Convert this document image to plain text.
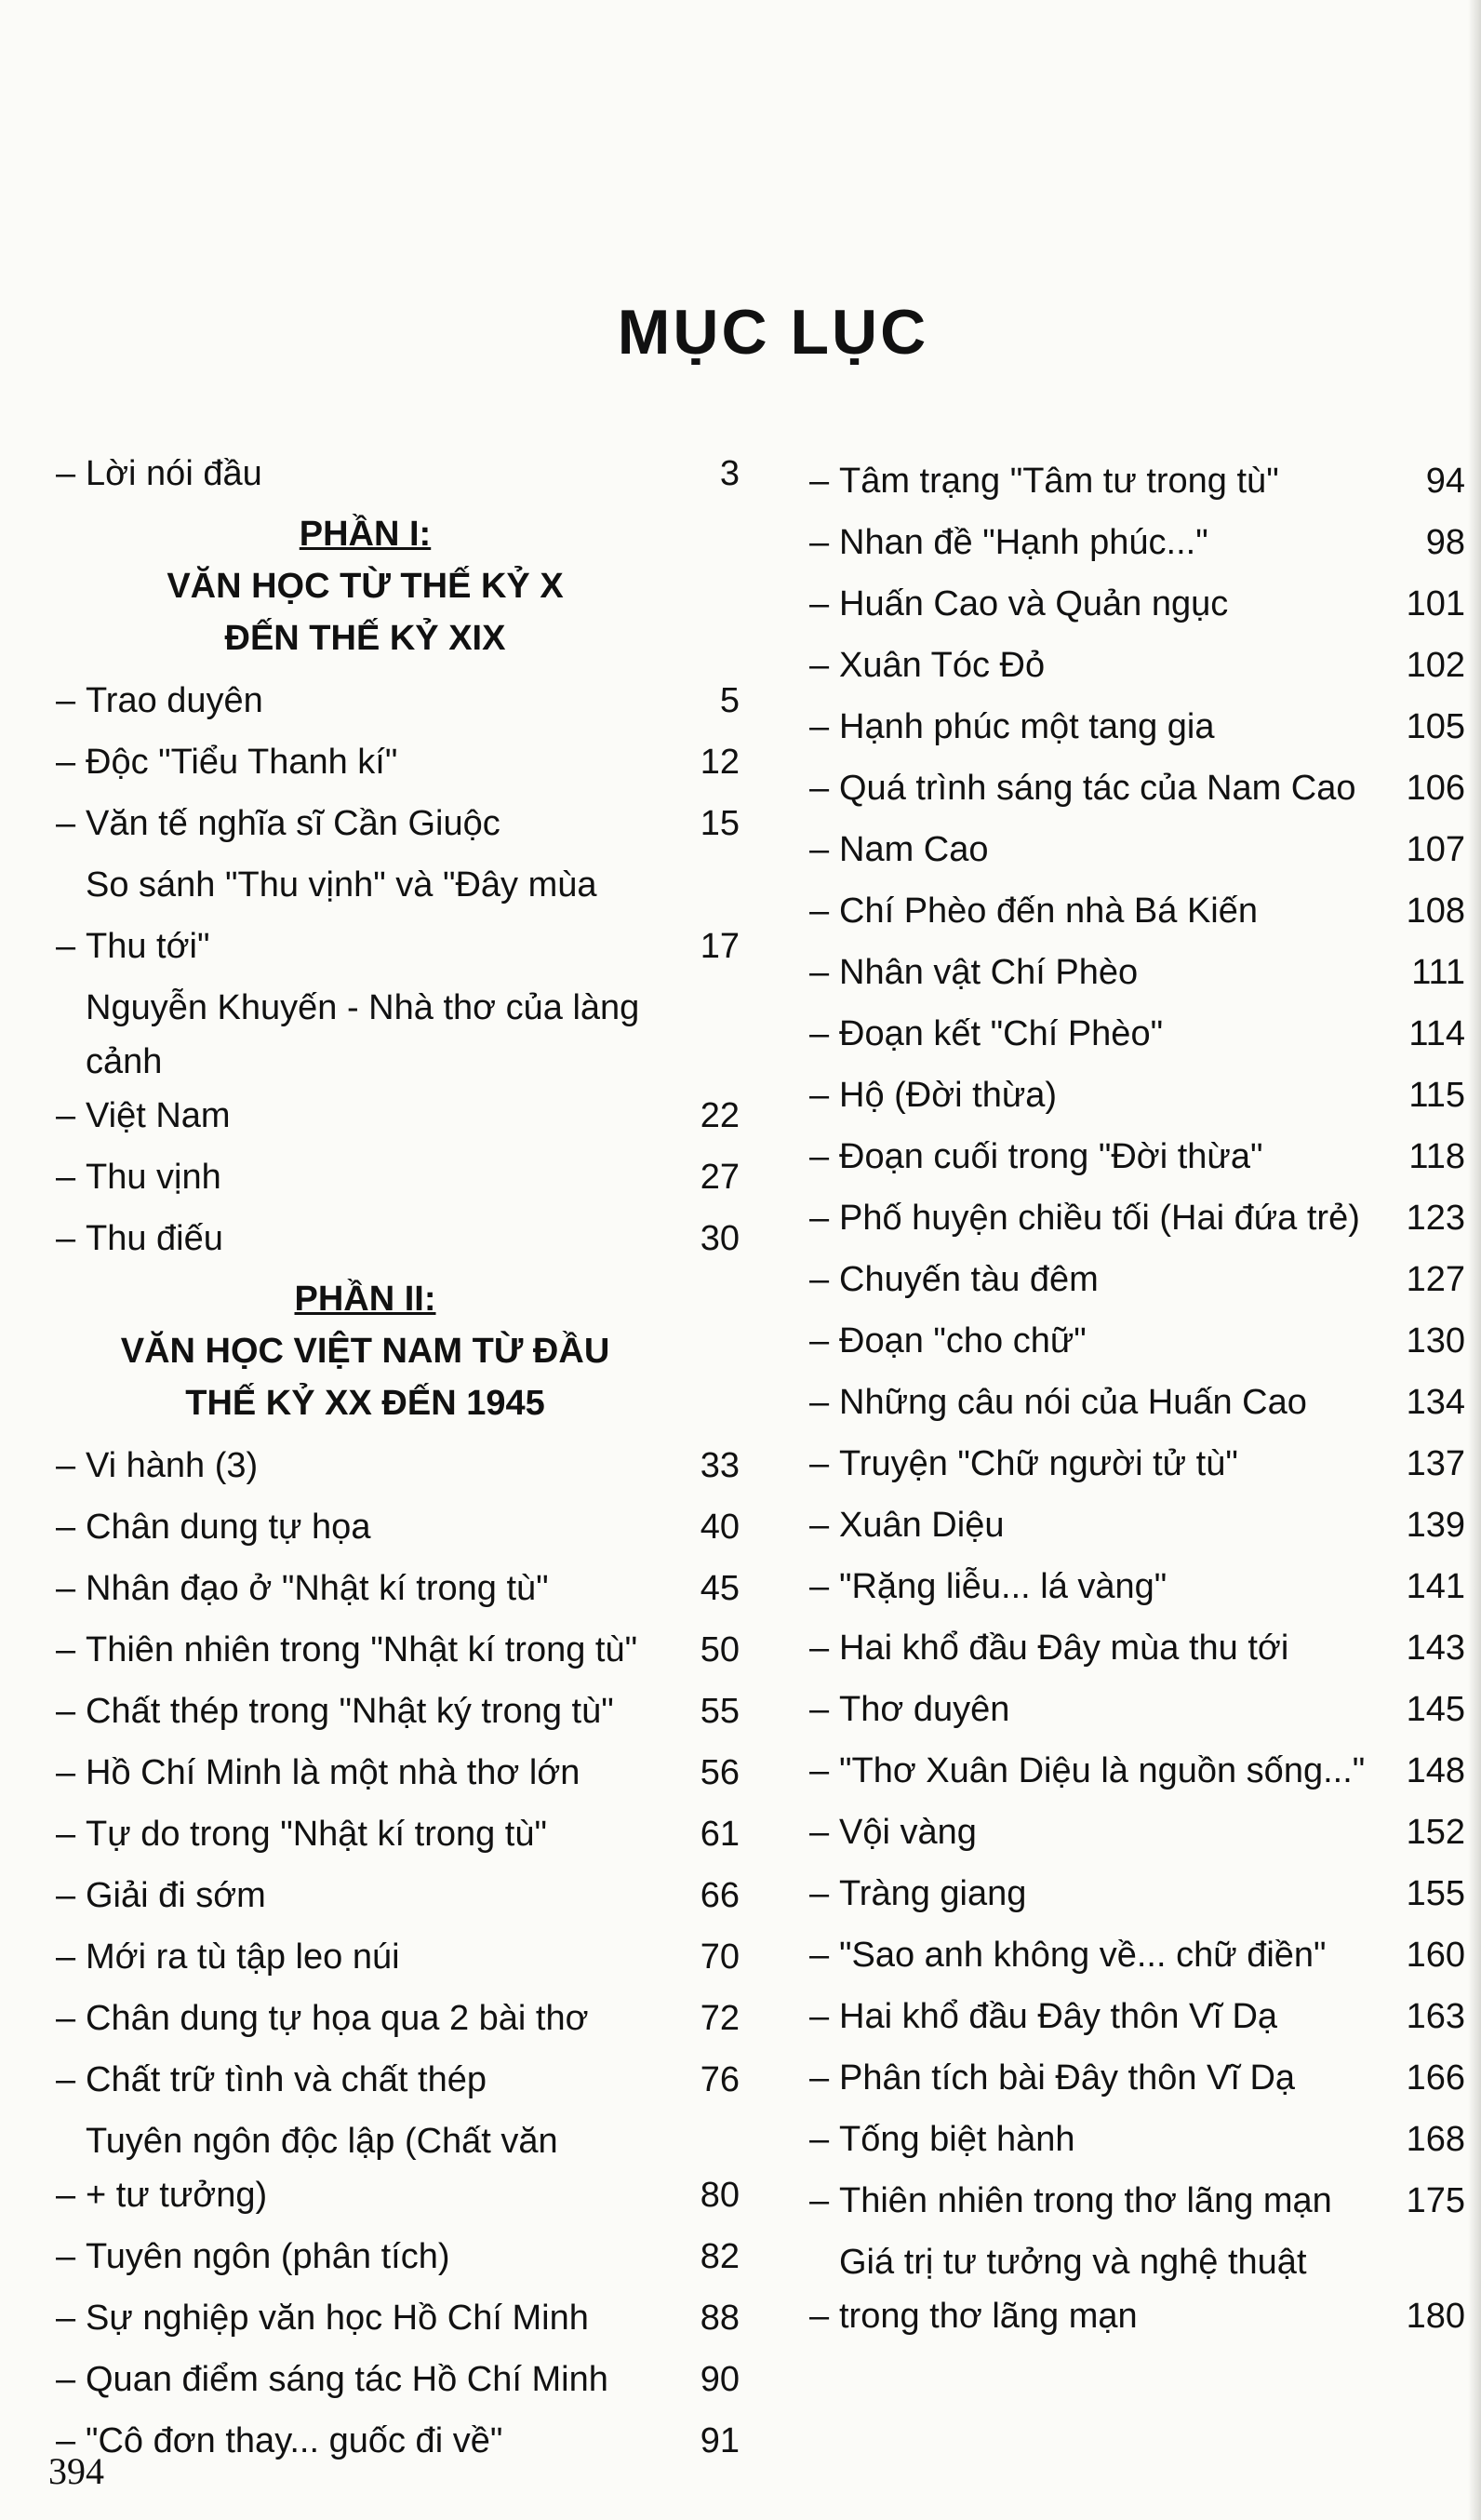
MỤC LỤC
– Lời nói đầu	3
PHẦN I:
VĂN HỌC TỪ THẾ KỶ X
ĐẾN THẾ KỶ XIX
– Trao duyên	5
– Độc "Tiểu Thanh kí"	12
– Văn tế nghĩa sĩ Cần Giuộc	15
–
So sánh "Thu vịnh" và "Đây mùa Thu tới"	17
–
Nguyễn Khuyến - Nhà thơ của làng cảnh
Việt Nam	22
– Thu vịnh	27
– Thu điếu	30
PHẦN II:
VĂN HỌC VIỆT NAM TỪ ĐẦU
THẾ KỶ XX ĐẾN 1945
– Vi hành (3)	33
– Chân dung tự họa	40
– Nhân đạo ở "Nhật kí trong tù"	45
– Thiên nhiên trong "Nhật kí trong tù"	50
– Chất thép trong "Nhật ký trong tù"	55
– Hồ Chí Minh là một nhà thơ lớn	56
– Tự do trong "Nhật kí trong tù"	61
– Giải đi sớm	66
– Mới ra tù tập leo núi	70
– Chân dung tự họa qua 2 bài thơ	72
– Chất trữ tình và chất thép	76
–
Tuyên ngôn độc lập (Chất văn
+ tư tưởng)	80
– Tuyên ngôn (phân tích)	82
– Sự nghiệp văn học Hồ Chí Minh	88
– Quan điểm sáng tác Hồ Chí Minh	90
– "Cô đơn thay... guốc đi về"	91
– Tâm trạng "Tâm tư trong tù"	94
– Nhan đề "Hạnh phúc..."	98
– Huấn Cao và Quản ngục	101
– Xuân Tóc Đỏ	102
– Hạnh phúc một tang gia	105
– Quá trình sáng tác của Nam Cao	106
– Nam Cao	107
– Chí Phèo đến nhà Bá Kiến	108
– Nhân vật Chí Phèo	111
– Đoạn kết "Chí Phèo"	114
– Hộ (Đời thừa)	115
– Đoạn cuối trong "Đời thừa"	118
– Phố huyện chiều tối (Hai đứa trẻ)	123
– Chuyến tàu đêm	127
– Đoạn "cho chữ"	130
– Những câu nói của Huấn Cao	134
– Truyện "Chữ người tử tù"	137
– Xuân Diệu	139
– "Rặng liễu... lá vàng"	141
– Hai khổ đầu Đây mùa thu tới	143
– Thơ duyên	145
– "Thơ Xuân Diệu là nguồn sống..."	148
– Vội vàng	152
– Tràng giang	155
– "Sao anh không về... chữ điền"	160
– Hai khổ đầu Đây thôn Vĩ Dạ	163
– Phân tích bài Đây thôn Vĩ Dạ	166
– Tống biệt hành	168
– Thiên nhiên trong thơ lãng mạn	175
–
Giá trị tư tưởng và nghệ thuật
trong thơ lãng mạn	180
394
